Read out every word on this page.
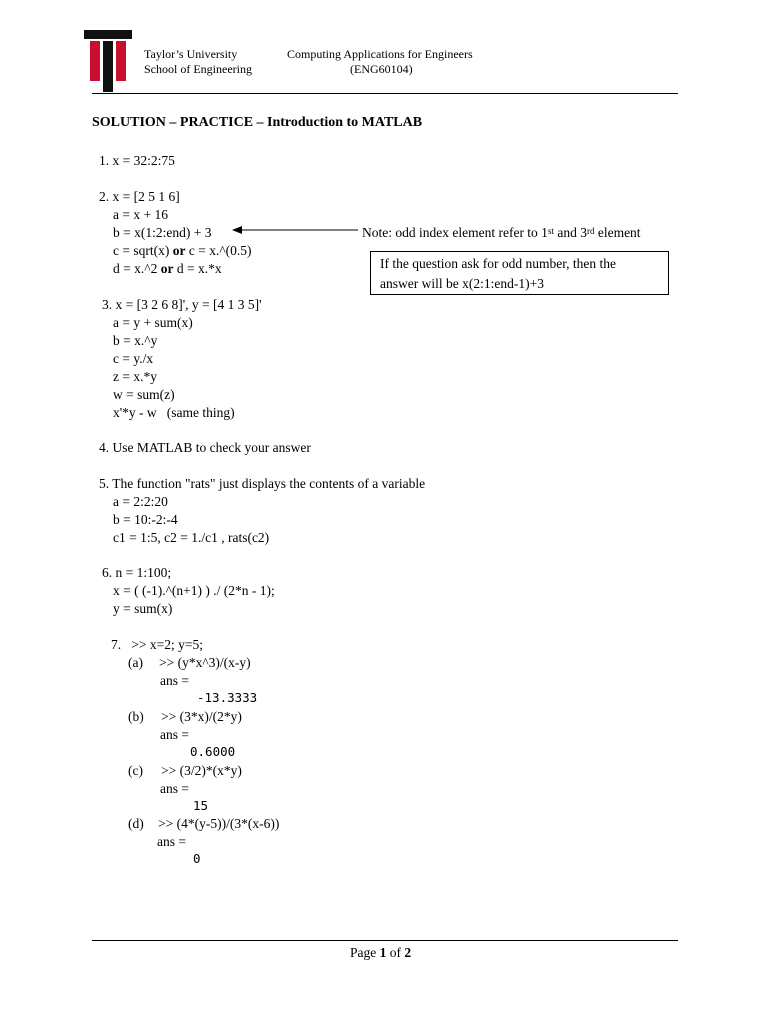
Taylor’s University
School of Engineering
Computing Applications for Engineers
(ENG60104)
SOLUTION – PRACTICE – Introduction to MATLAB
1. x = 32:2:75
2. x = [2 5 1 6]
a = x + 16
b = x(1:2:end) + 3
c = sqrt(x) or c = x.^(0.5)
d = x.^2 or d = x.*x
Note: odd index element refer to 1st and 3rd element
If the question ask for odd number, then the
answer will be x(2:1:end-1)+3
3. x = [3 2 6 8]', y = [4 1 3 5]'
a = y + sum(x)
b = x.^y
c = y./x
z = x.*y
w = sum(z)
x'*y - w   (same thing)
4. Use MATLAB to check your answer
5. The function "rats" just displays the contents of a variable
a = 2:2:20
b = 10:-2:-4
c1 = 1:5, c2 = 1./c1 , rats(c2)
6. n = 1:100;
x = ( (-1).^(n+1) ) ./ (2*n - 1);
y = sum(x)
7.   >> x=2; y=5;
(a) >> (y*x^3)/(x-y)
ans =
-13.3333
(b) >> (3*x)/(2*y)
ans =
0.6000
(c) >> (3/2)*(x*y)
ans =
15
(d) >> (4*(y-5))/(3*(x-6))
ans =
0
Page 1 of 2
